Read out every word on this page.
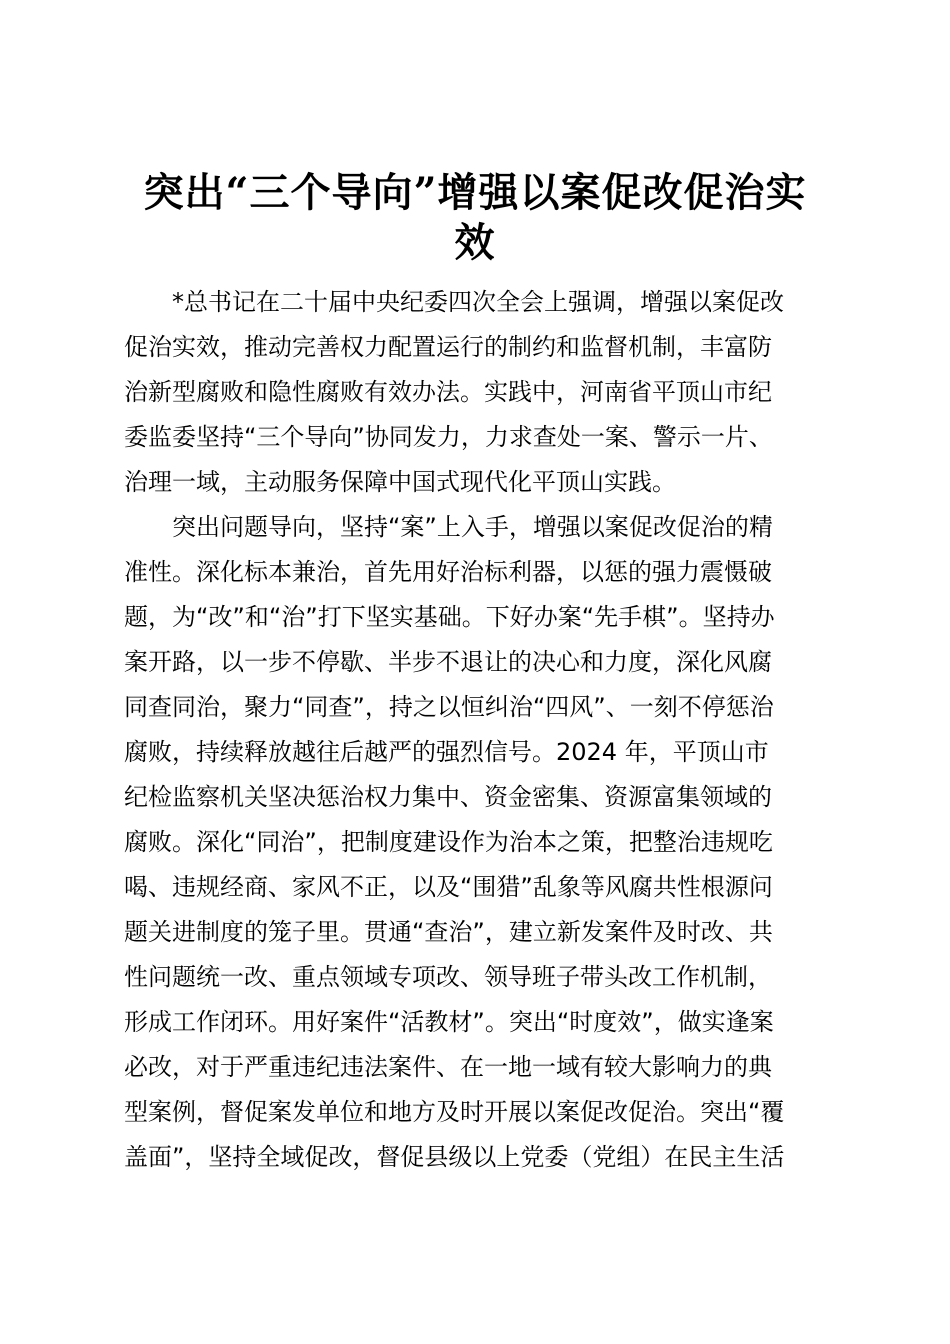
突出“三个导向”增强以案促改促治实
效
　　*总书记在二十届中央纪委四次全会上强调，增强以案促改
促治实效，推动完善权力配置运行的制约和监督机制，丰富防
治新型腐败和隐性腐败有效办法。实践中，河南省平顶山市纪
委监委坚持“三个导向”协同发力，力求查处一案、警示一片、
治理一域，主动服务保障中国式现代化平顶山实践。
　　突出问题导向，坚持“案”上入手，增强以案促改促治的精
准性。深化标本兼治，首先用好治标利器，以惩的强力震慑破
题，为“改”和“治”打下坚实基础。下好办案“先手棋”。坚持办
案开路，以一步不停歇、半步不退让的决心和力度，深化风腐
同查同治，聚力“同查”，持之以恒纠治“四风”、一刻不停惩治
腐败，持续释放越往后越严的强烈信号。2024 年，平顶山市
纪检监察机关坚决惩治权力集中、资金密集、资源富集领域的
腐败。深化“同治”，把制度建设作为治本之策，把整治违规吃
喝、违规经商、家风不正，以及“围猎”乱象等风腐共性根源问
题关进制度的笼子里。贯通“查治”，建立新发案件及时改、共
性问题统一改、重点领域专项改、领导班子带头改工作机制，
形成工作闭环。用好案件“活教材”。突出“时度效”，做实逢案
必改，对于严重违纪违法案件、在一地一域有较大影响力的典
型案例，督促案发单位和地方及时开展以案促改促治。突出“覆
盖面”，坚持全域促改，督促县级以上党委（党组）在民主生活
